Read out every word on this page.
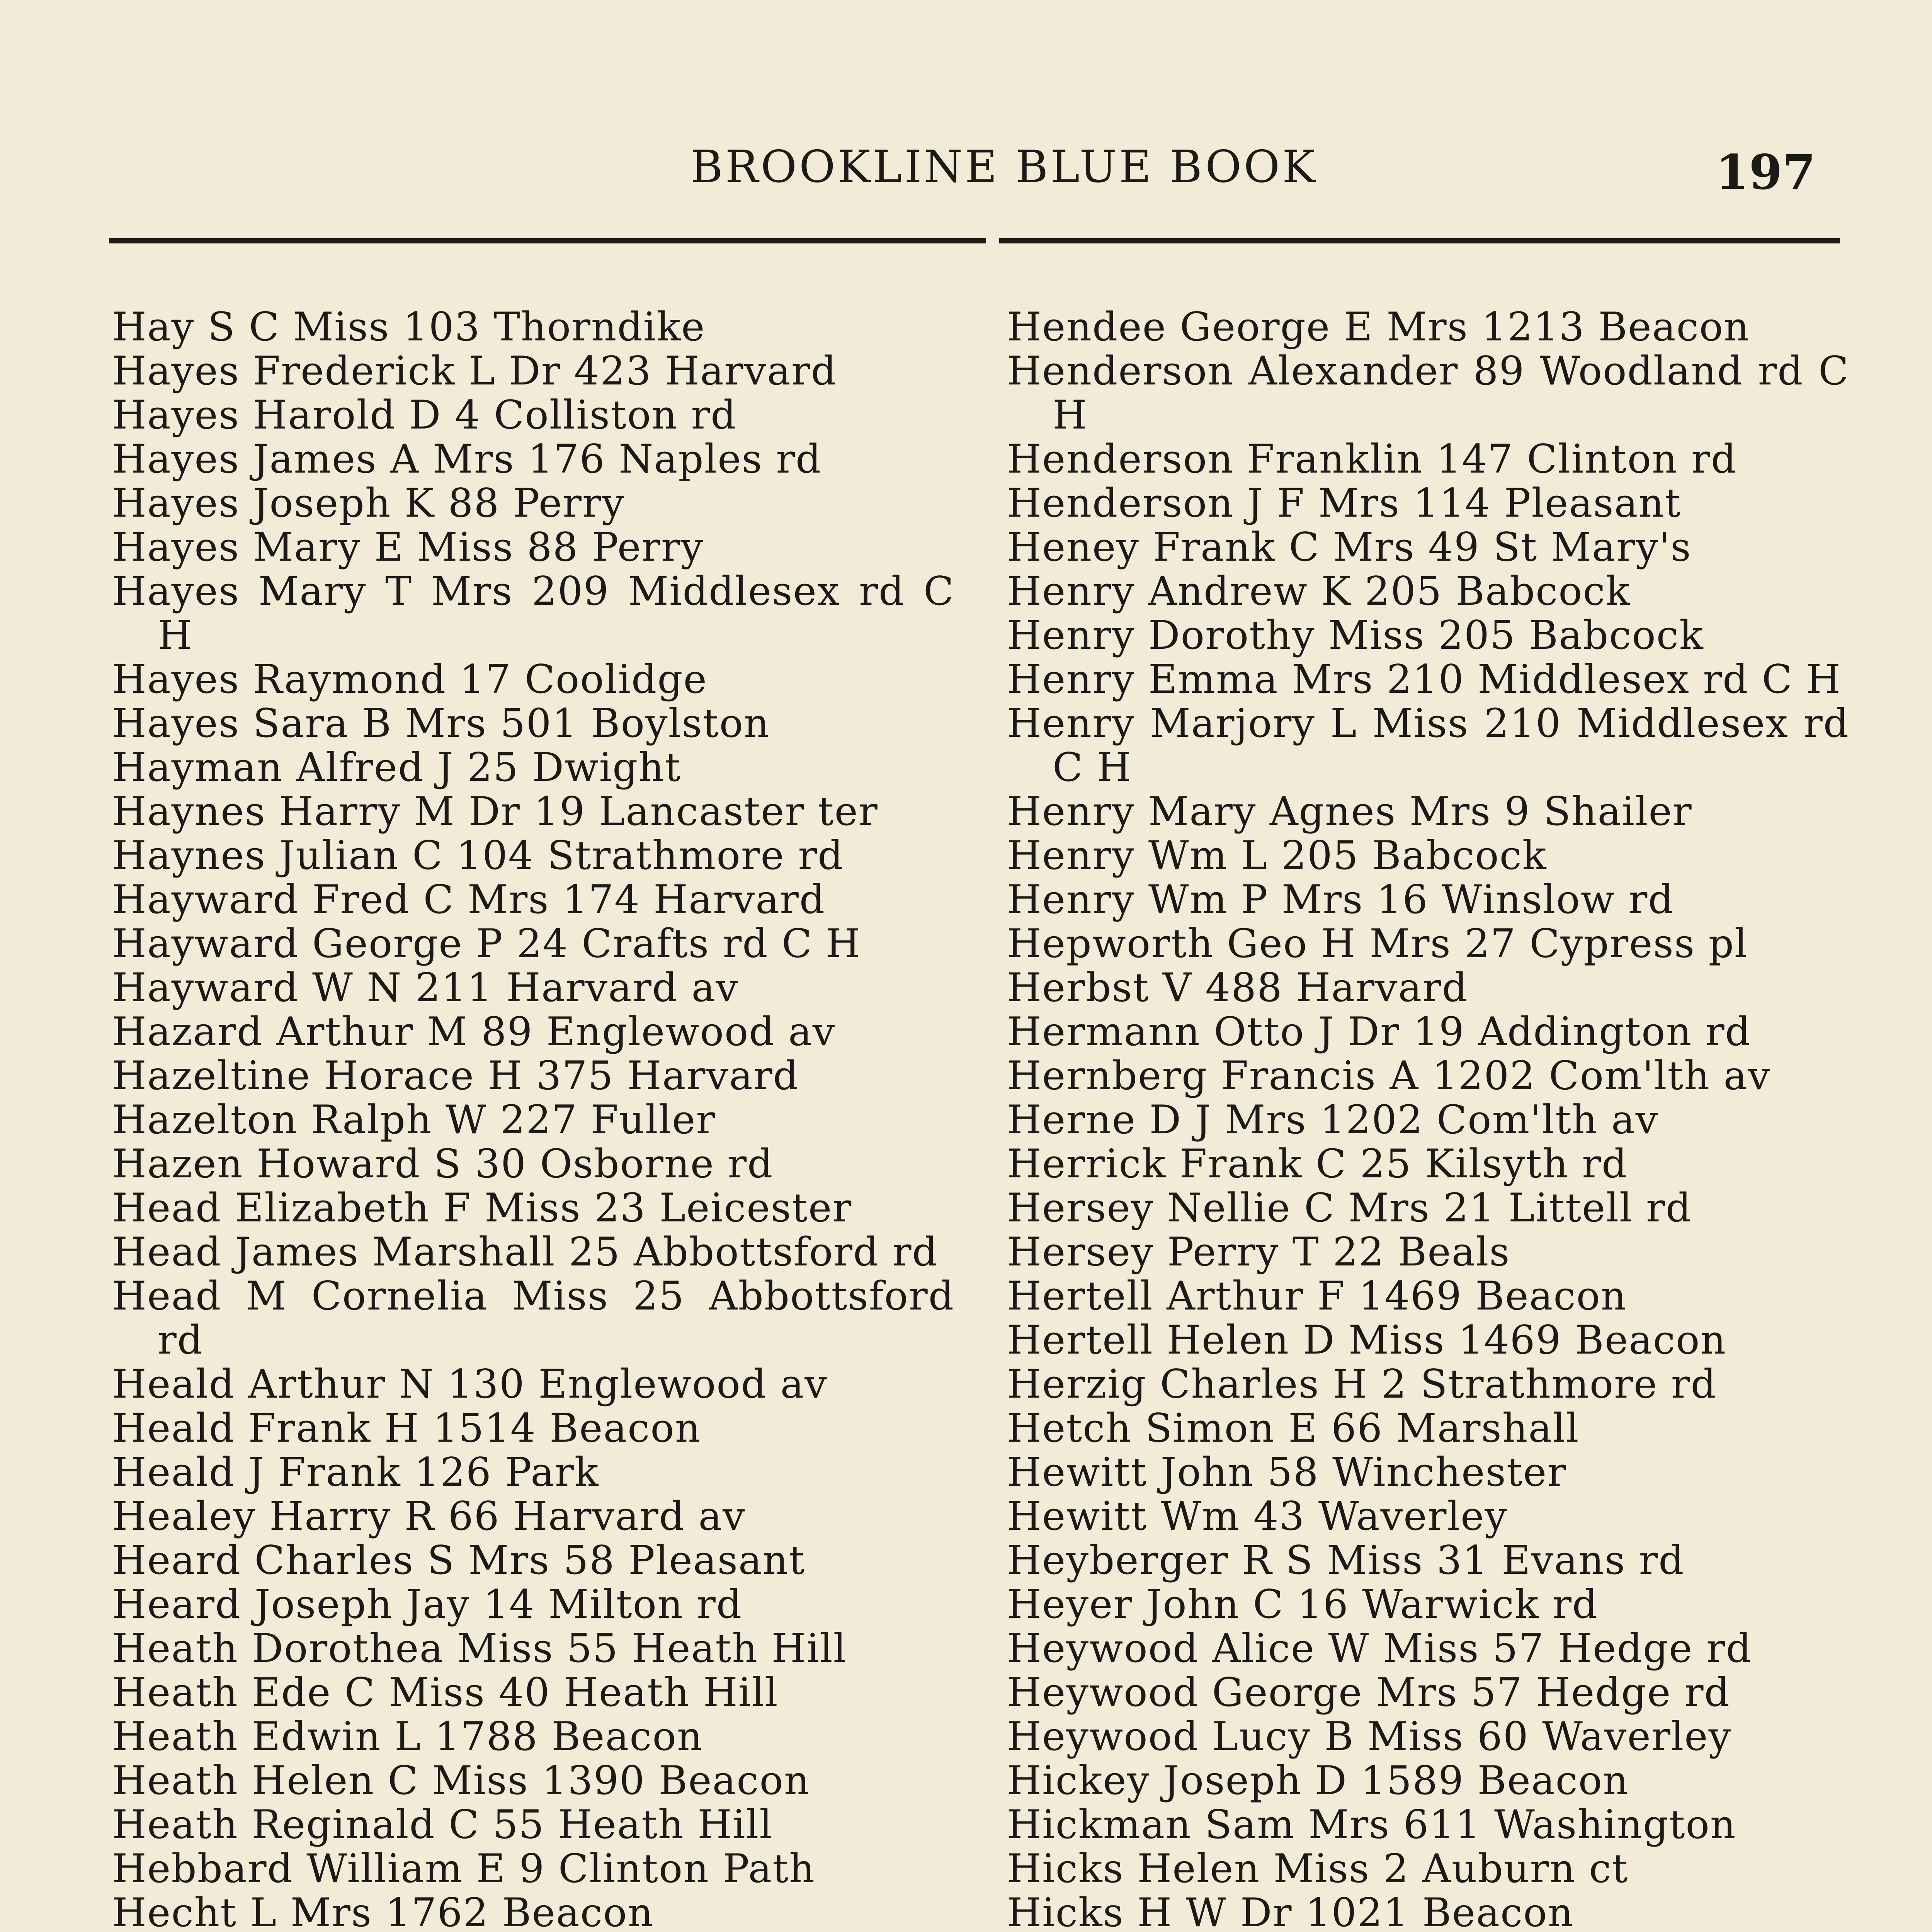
BROOKLINE BLUE BOOK	197
Hay S C Miss 103 Thorndike
Hayes Frederick L Dr 423 Harvard
Hayes Harold D 4 Colliston rd
Hayes James A Mrs 176 Naples rd
Hayes Joseph K 88 Perry
Hayes Mary E Miss 88 Perry
Hayes Mary T Mrs 209 Middlesex rd C H
Hayes Raymond 17 Coolidge
Hayes Sara B Mrs 501 Boylston
Hayman Alfred J 25 Dwight
Haynes Harry M Dr 19 Lancaster ter
Haynes Julian C 104 Strathmore rd
Hayward Fred C Mrs 174 Harvard
Hayward George P 24 Crafts rd C H
Hayward W N 211 Harvard av
Hazard Arthur M 89 Englewood av
Hazeltine Horace H 375 Harvard
Hazelton Ralph W 227 Fuller
Hazen Howard S 30 Osborne rd
Head Elizabeth F Miss 23 Leicester
Head James Marshall 25 Abbottsford rd
Head M Cornelia Miss 25 Abbottsford rd
Heald Arthur N 130 Englewood av
Heald Frank H 1514 Beacon
Heald J Frank 126 Park
Healey Harry R 66 Harvard av
Heard Charles S Mrs 58 Pleasant
Heard Joseph Jay 14 Milton rd
Heath Dorothea Miss 55 Heath Hill
Heath Ede C Miss 40 Heath Hill
Heath Edwin L 1788 Beacon
Heath Helen C Miss 1390 Beacon
Heath Reginald C 55 Heath Hill
Hebbard William E 9 Clinton Path
Hecht L Mrs 1762 Beacon
Hendee George E Mrs 1213 Beacon
Henderson Alexander 89 Woodland rd C H
Henderson Franklin 147 Clinton rd
Henderson J F Mrs 114 Pleasant
Heney Frank C Mrs 49 St Mary's
Henry Andrew K 205 Babcock
Henry Dorothy Miss 205 Babcock
Henry Emma Mrs 210 Middlesex rd C H
Henry Marjory L Miss 210 Middlesex rd C H
Henry Mary Agnes Mrs 9 Shailer
Henry Wm L 205 Babcock
Henry Wm P Mrs 16 Winslow rd
Hepworth Geo H Mrs 27 Cypress pl
Herbst V 488 Harvard
Hermann Otto J Dr 19 Addington rd
Hernberg Francis A 1202 Com'lth av
Herne D J Mrs 1202 Com'lth av
Herrick Frank C 25 Kilsyth rd
Hersey Nellie C Mrs 21 Littell rd
Hersey Perry T 22 Beals
Hertell Arthur F 1469 Beacon
Hertell Helen D Miss 1469 Beacon
Herzig Charles H 2 Strathmore rd
Hetch Simon E 66 Marshall
Hewitt John 58 Winchester
Hewitt Wm 43 Waverley
Heyberger R S Miss 31 Evans rd
Heyer John C 16 Warwick rd
Heywood Alice W Miss 57 Hedge rd
Heywood George Mrs 57 Hedge rd
Heywood Lucy B Miss 60 Waverley
Hickey Joseph D 1589 Beacon
Hickman Sam Mrs 611 Washington
Hicks Helen Miss 2 Auburn ct
Hicks H W Dr 1021 Beacon
